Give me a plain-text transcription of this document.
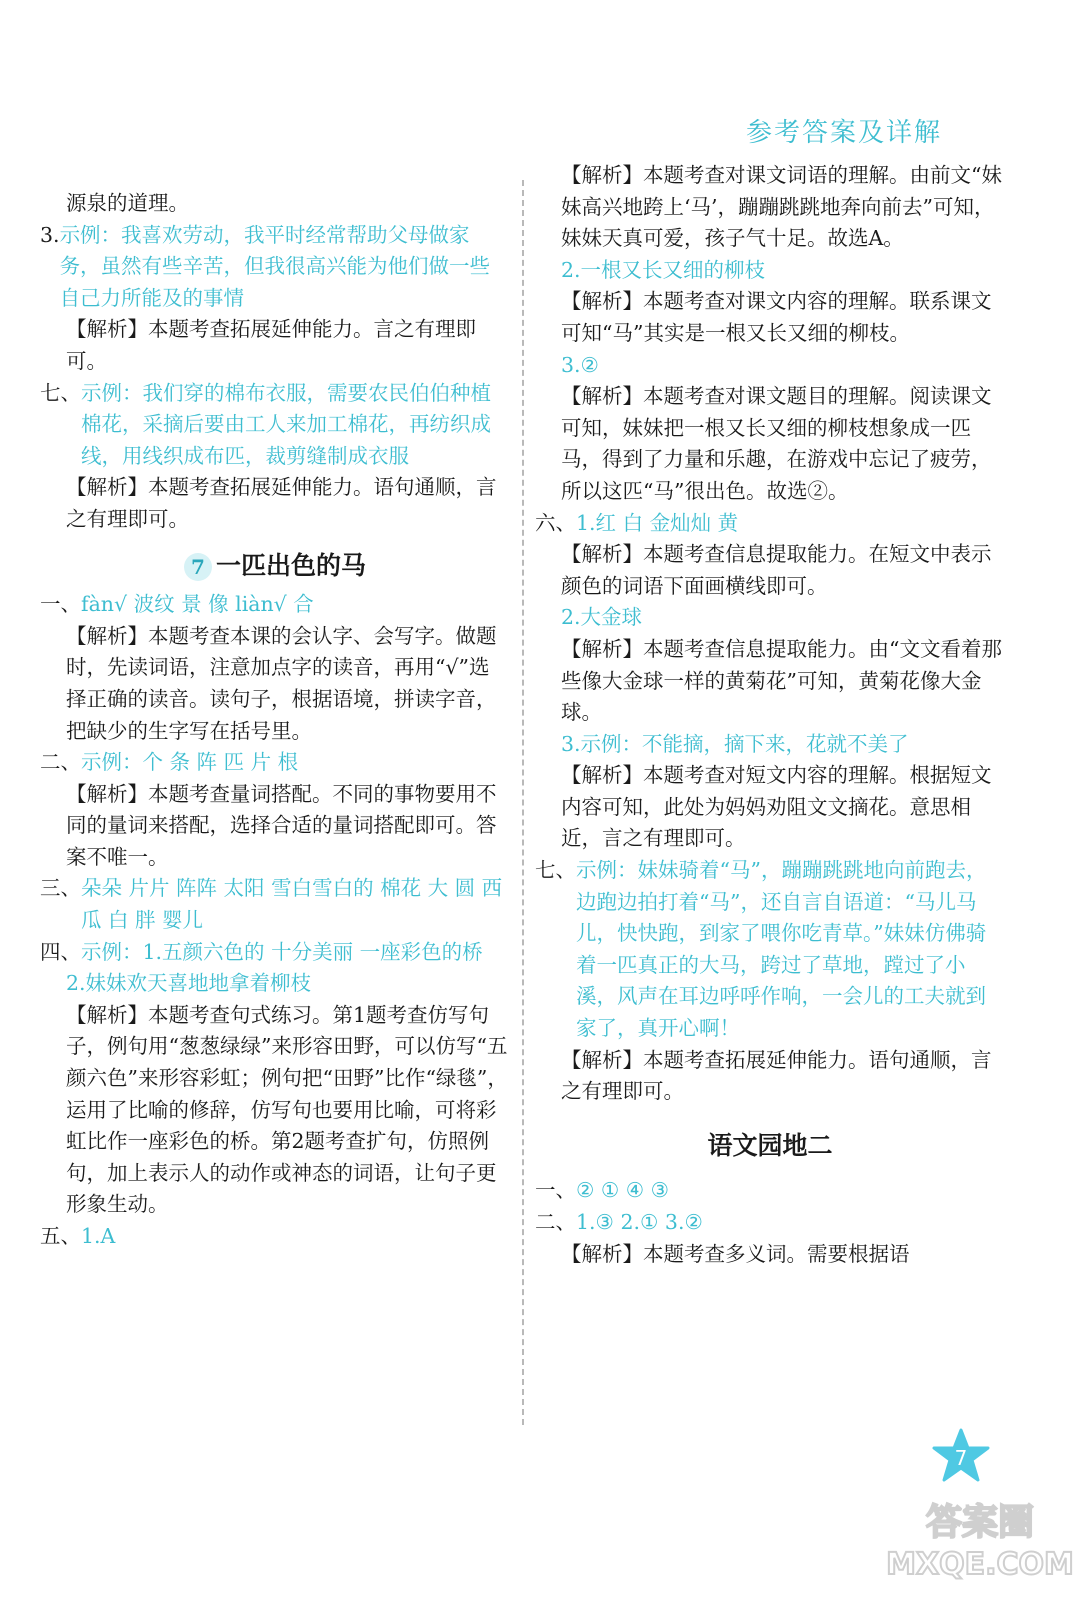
参考答案及详解
源泉的道理。
3. 示例：我喜欢劳动，我平时经常帮助父母做家务，虽然有些辛苦，但我很高兴能为他们做一些自己力所能及的事情
【解析】本题考查拓展延伸能力。言之有理即可。
七、 示例：我们穿的棉布衣服，需要农民伯伯种植棉花，采摘后要由工人来加工棉花，再纺织成线，用线织成布匹，裁剪缝制成衣服
【解析】本题考查拓展延伸能力。语句通顺，言之有理即可。
7 一匹出色的马
一、 fàn√ 波纹 景 像 liàn√ 合
【解析】本题考查本课的会认字、会写字。做题时，先读词语，注意加点字的读音，再用“√”选择正确的读音。读句子，根据语境，拼读字音，把缺少的生字写在括号里。
二、 示例：个 条 阵 匹 片 根
【解析】本题考查量词搭配。不同的事物要用不同的量词来搭配，选择合适的量词搭配即可。答案不唯一。
三、 朵朵 片片 阵阵 太阳 雪白雪白的 棉花 大 圆 西瓜 白 胖 婴儿
四、 示例：1.五颜六色的 十分美丽 一座彩色的桥
2.妹妹欢天喜地地拿着柳枝
【解析】本题考查句式练习。第1题考查仿写句子，例句用“葱葱绿绿”来形容田野，可以仿写“五颜六色”来形容彩虹；例句把“田野”比作“绿毯”，运用了比喻的修辞，仿写句也要用比喻，可将彩虹比作一座彩色的桥。第2题考查扩句，仿照例句，加上表示人的动作或神态的词语，让句子更形象生动。
五、 1.A
【解析】本题考查对课文词语的理解。由前文“妹妹高兴地跨上‘马’，蹦蹦跳跳地奔向前去”可知，妹妹天真可爱，孩子气十足。故选A。
2.一根又长又细的柳枝
【解析】本题考查对课文内容的理解。联系课文可知“马”其实是一根又长又细的柳枝。
3.②
【解析】本题考查对课文题目的理解。阅读课文可知，妹妹把一根又长又细的柳枝想象成一匹马，得到了力量和乐趣，在游戏中忘记了疲劳，所以这匹“马”很出色。故选②。
六、 1.红 白 金灿灿 黄
【解析】本题考查信息提取能力。在短文中表示颜色的词语下面画横线即可。
2.大金球
【解析】本题考查信息提取能力。由“文文看着那些像大金球一样的黄菊花”可知，黄菊花像大金球。
3.示例：不能摘，摘下来，花就不美了
【解析】本题考查对短文内容的理解。根据短文内容可知，此处为妈妈劝阻文文摘花。意思相近，言之有理即可。
七、 示例：妹妹骑着“马”，蹦蹦跳跳地向前跑去，边跑边拍打着“马”，还自言自语道：“马儿马儿，快快跑，到家了喂你吃青草。”妹妹仿佛骑着一匹真正的大马，跨过了草地，蹚过了小溪，风声在耳边呼呼作响，一会儿的工夫就到家了，真开心啊！
【解析】本题考查拓展延伸能力。语句通顺，言之有理即可。
语文园地二
一、 ② ① ④ ③
二、 1.③ 2.① 3.②
【解析】本题考查多义词。需要根据语
7
答案圈
MXQE.COM
